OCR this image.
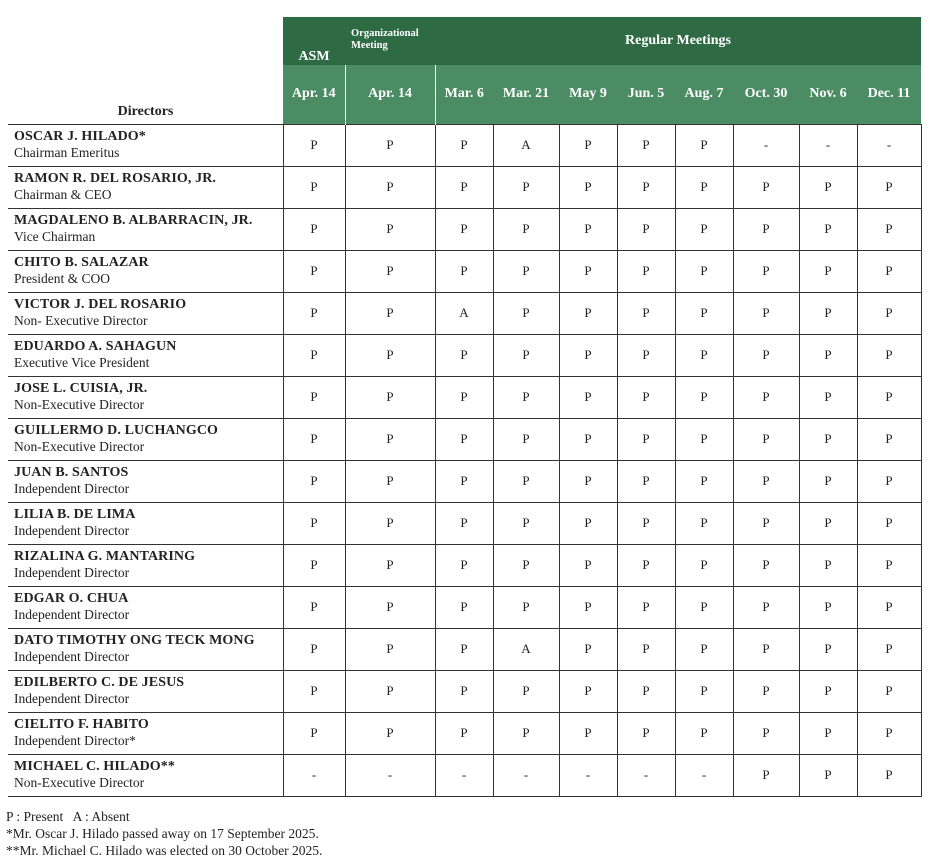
Directors	ASM	Organizational Meeting	Regular Meetings							
	Apr. 14	Apr. 14	Mar. 6	Mar. 21	May 9	Jun. 5	Aug. 7	Oct. 30	Nov. 6	Dec. 11

OSCAR J. HILADO*
Chairman Emeritus	P	P	P	A	P	P	P	-	-	-

RAMON R. DEL ROSARIO, JR.
Chairman & CEO	P	P	P	P	P	P	P	P	P	P

MAGDALENO B. ALBARRACIN, JR.
Vice Chairman	P	P	P	P	P	P	P	P	P	P

CHITO B. SALAZAR
President & COO	P	P	P	P	P	P	P	P	P	P

VICTOR J. DEL ROSARIO
Non- Executive Director	P	P	A	P	P	P	P	P	P	P

EDUARDO A. SAHAGUN
Executive Vice President	P	P	P	P	P	P	P	P	P	P

JOSE L. CUISIA, JR.
Non-Executive Director	P	P	P	P	P	P	P	P	P	P

GUILLERMO D. LUCHANGCO
Non-Executive Director	P	P	P	P	P	P	P	P	P	P

JUAN B. SANTOS
Independent Director	P	P	P	P	P	P	P	P	P	P

LILIA B. DE LIMA
Independent Director	P	P	P	P	P	P	P	P	P	P

RIZALINA G. MANTARING
Independent Director	P	P	P	P	P	P	P	P	P	P

EDGAR O. CHUA
Independent Director	P	P	P	P	P	P	P	P	P	P

DATO TIMOTHY ONG TECK MONG
Independent Director	P	P	P	A	P	P	P	P	P	P

EDILBERTO C. DE JESUS
Independent Director	P	P	P	P	P	P	P	P	P	P

CIELITO F. HABITO
Independent Director*	P	P	P	P	P	P	P	P	P	P

MICHAEL C. HILADO**
Non-Executive Director	-	-	-	-	-	-	-	P	P	P
P : Present   A : Absent
*Mr. Oscar J. Hilado passed away on 17 September 2025.
**Mr. Michael C. Hilado was elected on 30 October 2025.
